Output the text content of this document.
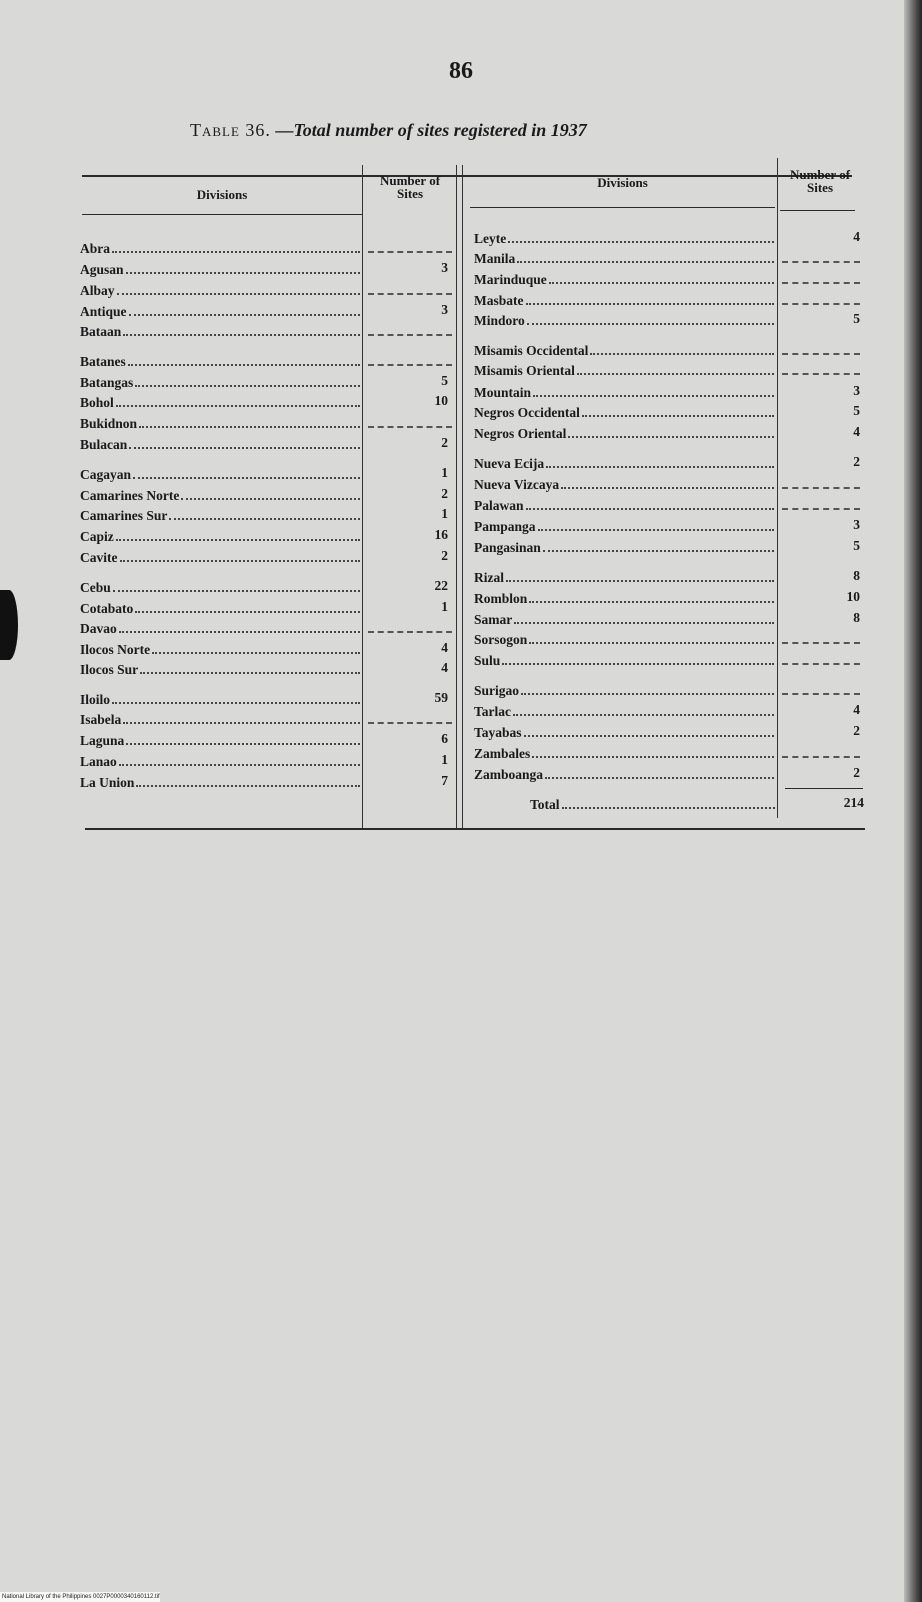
86
Table 36. —Total number of sites registered in 1937
Divisions
Number of
Sites
Divisions
Number of
Sites
Abra
Agusan	3
Albay
Antique	3
Bataan
Batanes
Batangas	5
Bohol	10
Bukidnon
Bulacan	2
Cagayan	1
Camarines Norte	2
Camarines Sur	1
Capiz	16
Cavite	2
Cebu	22
Cotabato	1
Davao
Ilocos Norte	4
Ilocos Sur	4
Iloilo	59
Isabela
Laguna	6
Lanao	1
La Union	7
Leyte	4
Manila
Marinduque
Masbate
Mindoro	5
Misamis Occidental
Misamis Oriental
Mountain	3
Negros Occidental	5
Negros Oriental	4
Nueva Ecija	2
Nueva Vizcaya
Palawan
Pampanga	3
Pangasinan	5
Rizal	8
Romblon	10
Samar	8
Sorsogon
Sulu
Surigao
Tarlac	4
Tayabas	2
Zambales
Zamboanga	2
Total	214
National Library of the Philippines 0027P0000340160112.tif
